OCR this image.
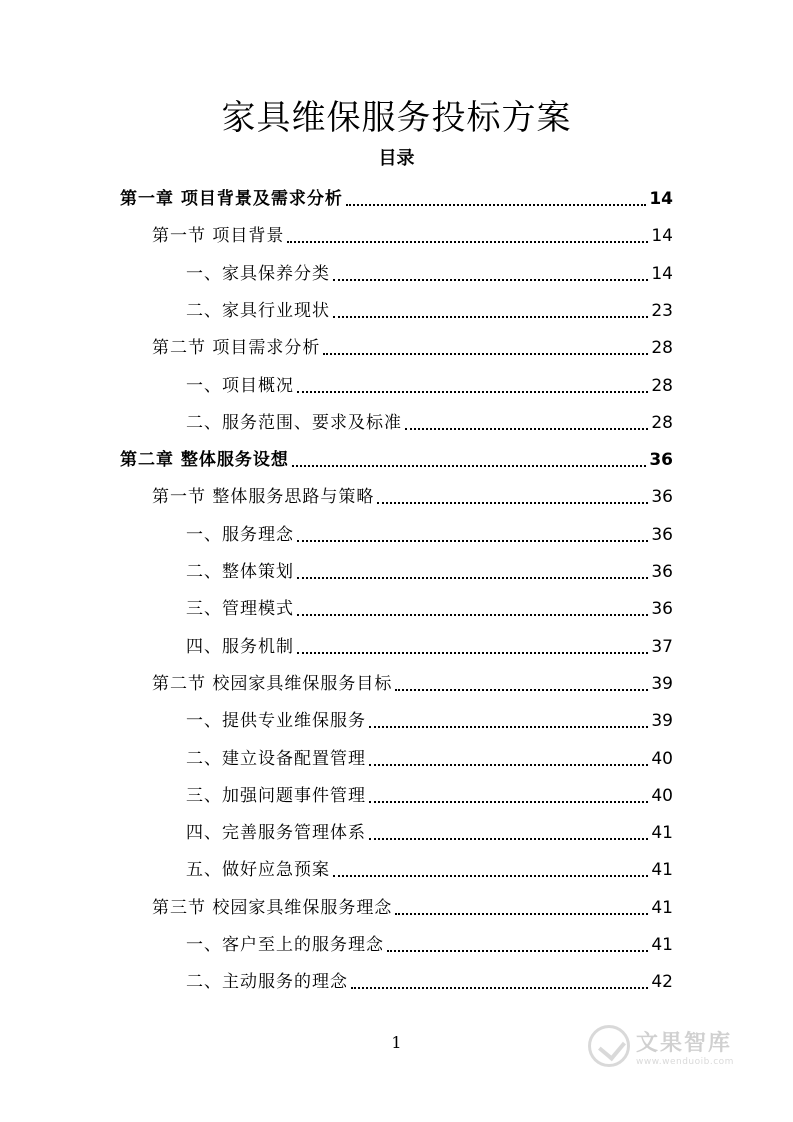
家具维保服务投标方案
目录
第一章 项目背景及需求分析	14
第一节 项目背景	14
一、家具保养分类	14
二、家具行业现状	23
第二节 项目需求分析	28
一、项目概况	28
二、服务范围、要求及标准	28
第二章 整体服务设想	36
第一节 整体服务思路与策略	36
一、服务理念	36
二、整体策划	36
三、管理模式	36
四、服务机制	37
第二节 校园家具维保服务目标	39
一、提供专业维保服务	39
二、建立设备配置管理	40
三、加强问题事件管理	40
四、完善服务管理体系	41
五、做好应急预案	41
第三节 校园家具维保服务理念	41
一、客户至上的服务理念	41
二、主动服务的理念	42
1	文果智库
www.wenduoib.com
